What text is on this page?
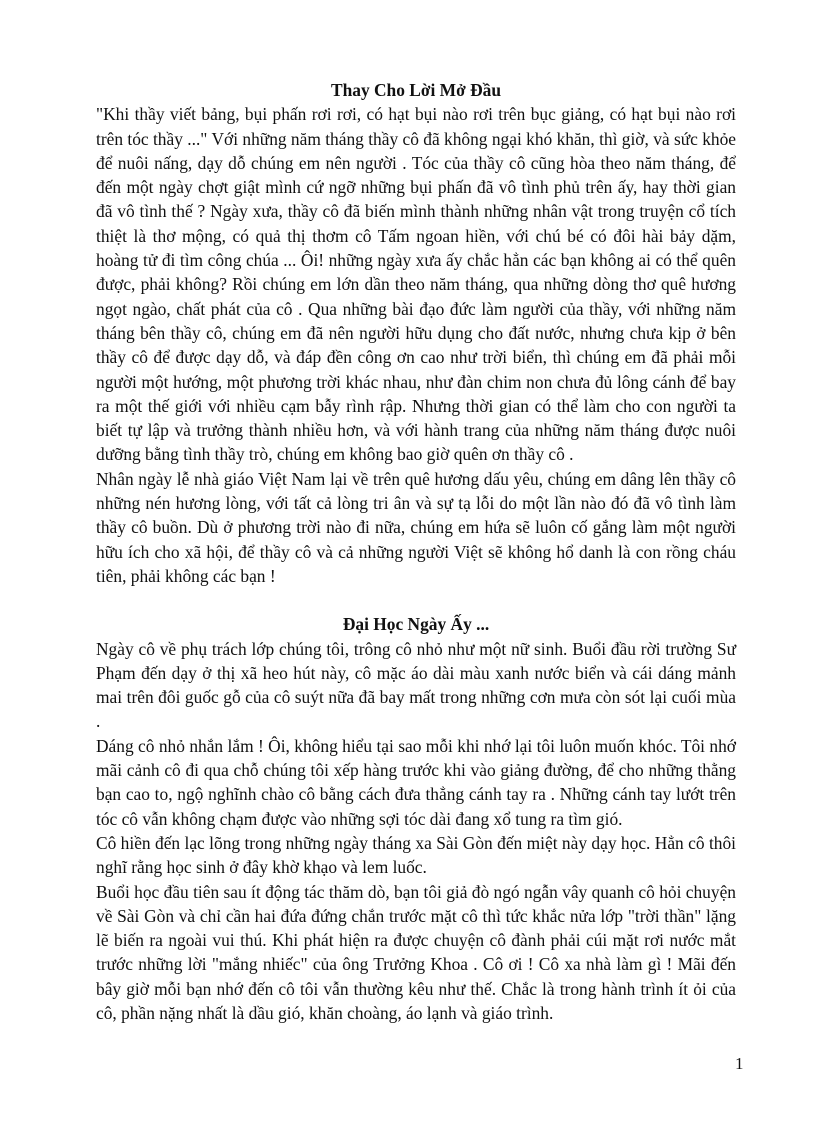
Thay Cho Lời Mở Đầu

"Khi thầy viết bảng, bụi phấn rơi rơi, có hạt bụi nào rơi trên bục giảng, có hạt bụi nào rơi trên tóc thầy ..." Với những năm tháng thầy cô đã không ngại khó khăn, thì giờ, và sức khỏe để nuôi nấng, dạy dỗ chúng em nên người . Tóc của thầy cô cũng hòa theo năm tháng, để đến một ngày chợt giật mình cứ ngỡ những bụi phấn đã vô tình phủ trên ấy, hay thời gian đã vô tình thế ? Ngày xưa, thầy cô đã biến mình thành những nhân vật trong truyện cổ tích thiệt là thơ mộng, có quả thị thơm cô Tấm ngoan hiền, với chú bé có đôi hài bảy dặm, hoàng tử đi tìm công chúa ... Ôi! những ngày xưa ấy chắc hẳn các bạn không ai có thể quên được, phải không? Rồi chúng em lớn dần theo năm tháng, qua những dòng thơ quê hương ngọt ngào, chất phát của cô . Qua những bài đạo đức làm người của thầy, với những năm tháng bên thầy cô, chúng em đã nên người hữu dụng cho đất nước, nhưng chưa kịp ở bên thầy cô để được dạy dỗ, và đáp đền công ơn cao như trời biển, thì chúng em đã phải mỗi người một hướng, một phương trời khác nhau, như đàn chim non chưa đủ lông cánh để bay ra một thế giới với nhiều cạm bẫy rình rập. Nhưng thời gian có thể làm cho con người ta biết tự lập và trưởng thành nhiều hơn, và với hành trang của những năm tháng được nuôi dưỡng bằng tình thầy trò, chúng em không bao giờ quên ơn thầy cô .

Nhân ngày lễ nhà giáo Việt Nam lại về trên quê hương dấu yêu, chúng em dâng lên thầy cô những nén hương lòng, với tất cả lòng tri ân và sự tạ lỗi do một lần nào đó đã vô tình làm thầy cô buồn. Dù ở phương trời nào đi nữa, chúng em hứa sẽ luôn cố gắng làm một người hữu ích cho xã hội, để thầy cô và cả những người Việt sẽ không hổ danh là con rồng cháu tiên, phải không các bạn !

Đại Học Ngày Ấy ...

Ngày cô về phụ trách lớp chúng tôi, trông cô nhỏ như một nữ sinh. Buổi đầu rời trường Sư Phạm đến dạy ở thị xã heo hút này, cô mặc áo dài màu xanh nước biển và cái dáng mảnh mai trên đôi guốc gỗ của cô suýt nữa đã bay mất trong những cơn mưa còn sót lại cuối mùa .

Dáng cô nhỏ nhắn lắm ! Ôi, không hiểu tại sao mỗi khi nhớ lại tôi luôn muốn khóc. Tôi nhớ mãi cảnh cô đi qua chỗ chúng tôi xếp hàng trước khi vào giảng đường, để cho những thằng bạn cao to, ngộ nghĩnh chào cô bằng cách đưa thẳng cánh tay ra . Những cánh tay lướt trên tóc cô vẫn không chạm được vào những sợi tóc dài đang xổ tung ra tìm gió.

Cô hiền đến lạc lõng trong những ngày tháng xa Sài Gòn đến miệt này dạy học. Hẳn cô thôi nghĩ rằng học sinh ở đây khờ khạo và lem luốc.

Buổi học đầu tiên sau ít động tác thăm dò, bạn tôi giả đò ngó ngẫn vây quanh cô hỏi chuyện về Sài Gòn và chỉ cần hai đứa đứng chắn trước mặt cô thì tức khắc nửa lớp "trời thần" lặng lẽ biến ra ngoài vui thú. Khi phát hiện ra được chuyện cô đành phải cúi mặt rơi nước mắt trước những lời "mắng nhiếc" của ông Trưởng Khoa . Cô ơi ! Cô xa nhà làm gì ! Mãi đến bây giờ mỗi bạn nhớ đến cô tôi vẫn thường kêu như thế. Chắc là trong hành trình ít ỏi của cô, phần nặng nhất là dầu gió, khăn choàng, áo lạnh và giáo trình.

1
